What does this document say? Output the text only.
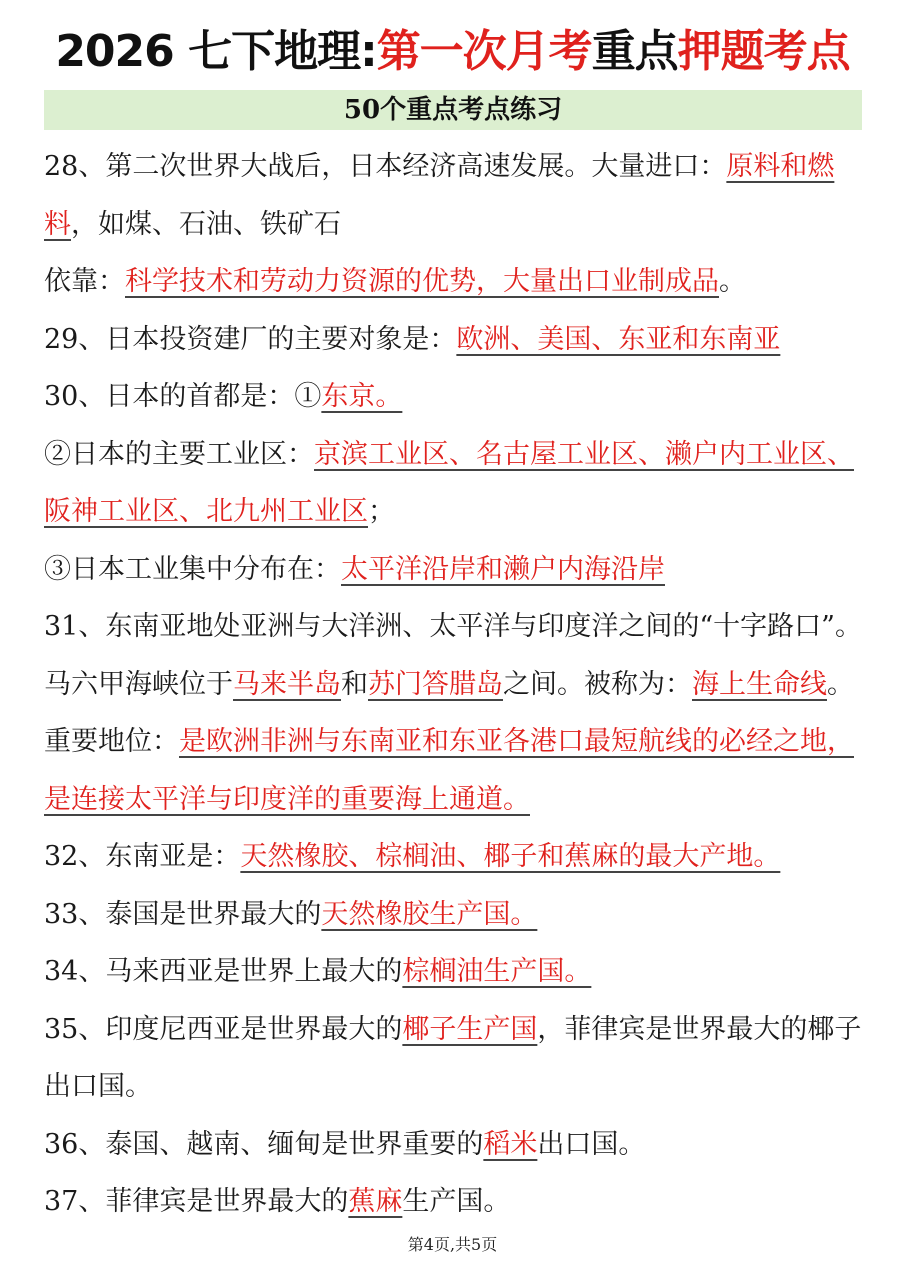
2026 七下地理:第一次月考重点押题考点
50个重点考点练习

28、第二次世界大战后，日本经济高速发展。大量进口：原料和燃料，如煤、石油、铁矿石

依靠：科学技术和劳动力资源的优势，大量出口业制成品。

29、日本投资建厂的主要对象是：欧洲、美国、东亚和东南亚

30、日本的首都是：①东京。

②日本的主要工业区：京滨工业区、名古屋工业区、濑户内工业区、阪神工业区、北九州工业区；

③日本工业集中分布在：太平洋沿岸和濑户内海沿岸

31、东南亚地处亚洲与大洋洲、太平洋与印度洋之间的“十字路口”。马六甲海峡位于马来半岛和苏门答腊岛之间。被称为：海上生命线。重要地位：是欧洲非洲与东南亚和东亚各港口最短航线的必经之地，是连接太平洋与印度洋的重要海上通道。

32、东南亚是：天然橡胶、棕榈油、椰子和蕉麻的最大产地。

33、泰国是世界最大的天然橡胶生产国。

34、马来西亚是世界上最大的棕榈油生产国。

35、印度尼西亚是世界最大的椰子生产国，菲律宾是世界最大的椰子出口国。

36、泰国、越南、缅甸是世界重要的稻米出口国。

37、菲律宾是世界最大的蕉麻生产国。

第4页,共5页
